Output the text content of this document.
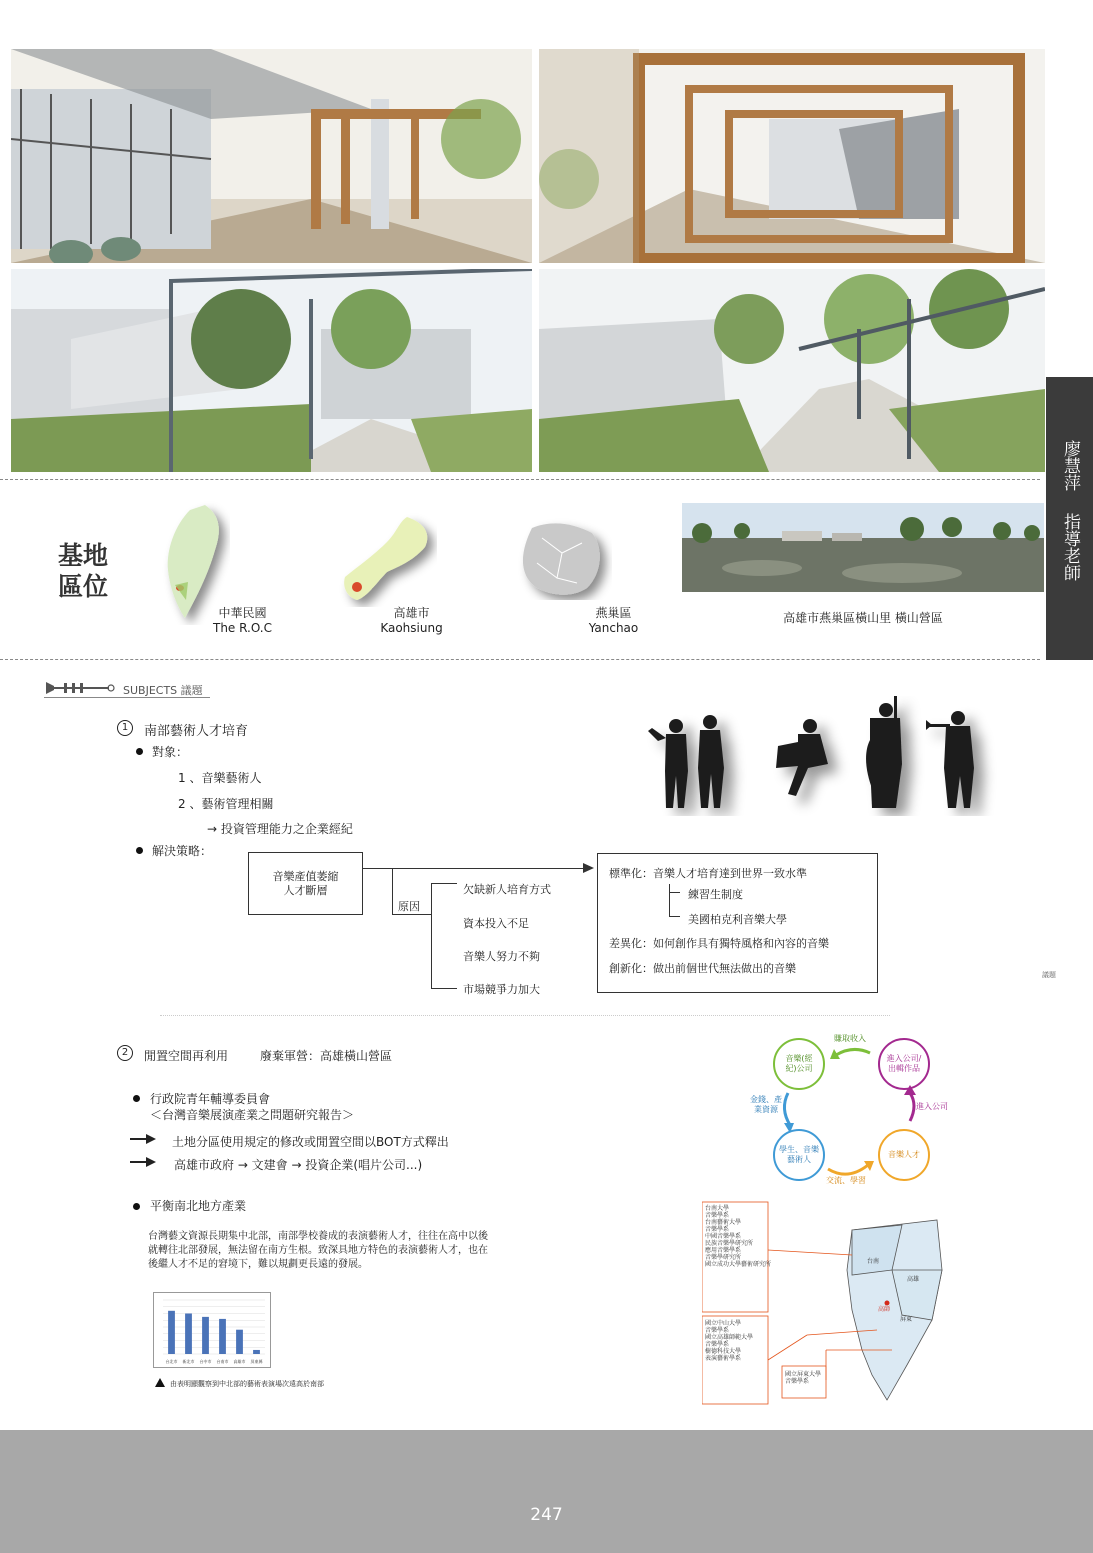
廖慧萍
指導老師
基地
區位
中華民國
The R.O.C
高雄市
Kaohsiung
燕巢區
Yanchao
高雄市燕巢區橫山里 橫山營區
SUBJECTS 議題
1	南部藝術人才培育
對象：
1 、音樂藝術人
2 、藝術管理相關
→ 投資管理能力之企業經紀
解決策略：
音樂產值萎縮
人才斷層
原因
欠缺新人培育方式
資本投入不足
音樂人努力不夠
市場競爭力加大
標準化：音樂人才培育達到世界一致水準
練習生制度
美國柏克利音樂大學
差異化：如何創作具有獨特風格和內容的音樂
創新化：做出前個世代無法做出的音樂	議題
2	閒置空間再利用	廢棄軍營：高雄橫山營區
行政院青年輔導委員會
＜台灣音樂展演產業之問題研究報告＞
土地分區使用規定的修改或閒置空間以BOT方式釋出
高雄市政府 → 文建會 → 投資企業(唱片公司...)
平衡南北地方產業
台灣藝文資源長期集中北部，南部學校養成的表演藝術人才，往往在高中以後
就轉往北部發展，無法留在南方生根。致深具地方特色的表演藝術人才，也在
後繼人才不足的窘境下，難以規劃更長遠的發展。
台北市 新北市 台中市 台南市 高雄市 屏東縣
由表明顯觀察到中北部的藝術表演場次遠高於南部
音樂(經紀)公司
進入公司/出輯作品
音樂人才
學生、音樂藝術人
賺取收入
進入公司
交流、學習
金錢、產業資源
台南
高雄
屏東
高師
台南大學
音樂學系
台南藝術大學
音樂學系
中國音樂學系
民族音樂學研究所
應用音樂學系
音樂學研究所
國立成功大學藝術研究所
國立中山大學
音樂學系
國立高雄師範大學
音樂學系
樹德科技大學
表演藝術學系
國立屏東大學
音樂學系
247
